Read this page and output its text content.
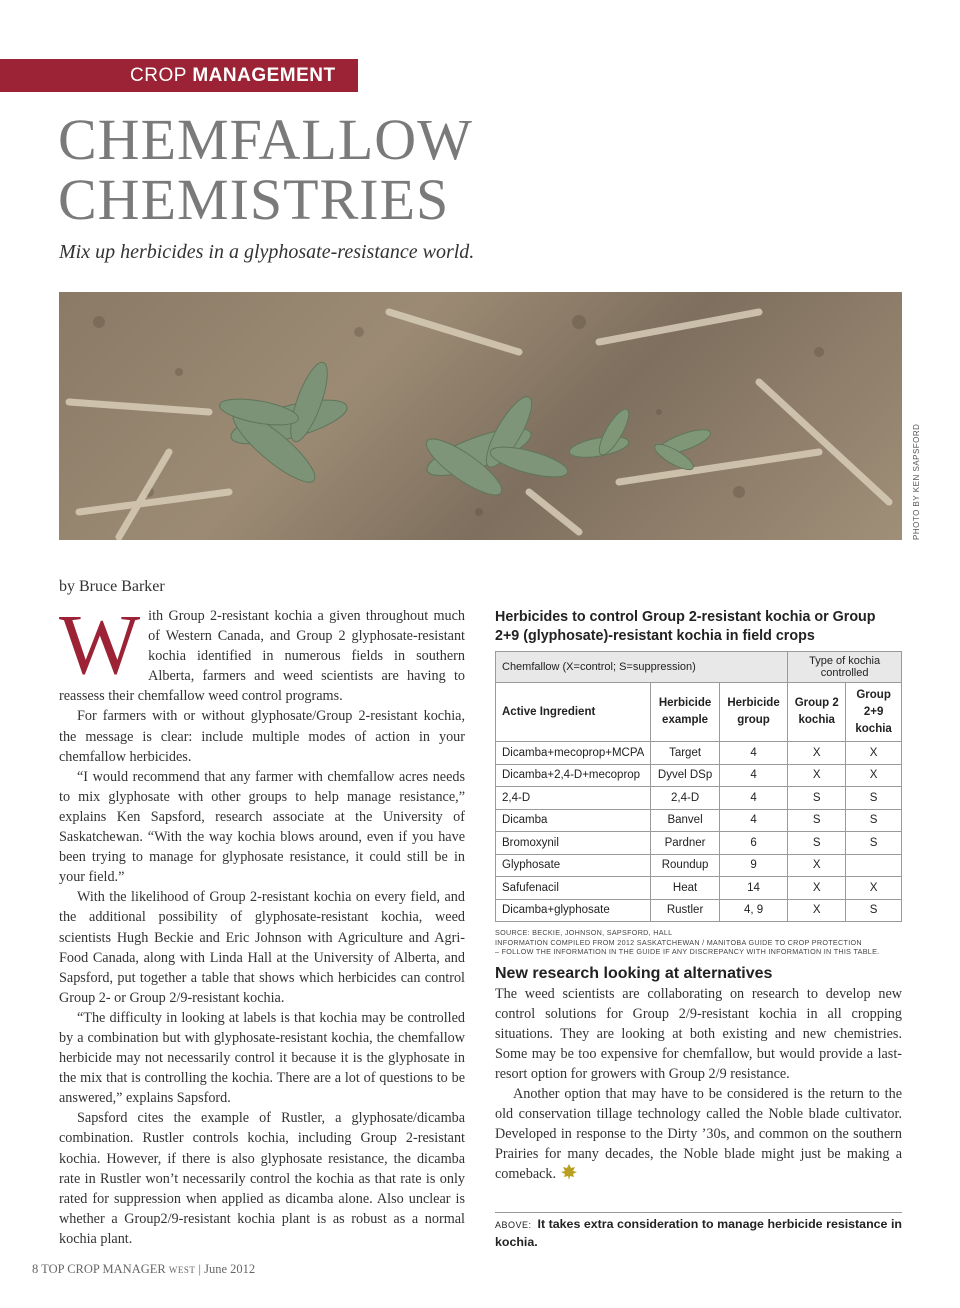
CROP MANAGEMENT
CHEMFALLOW
CHEMISTRIES

Mix up herbicides in a glyphosate-resistance world.

PHOTO BY KEN SAPSFORD
by Bruce Barker

With Group 2-resistant kochia a given throughout much of Western Canada, and Group 2 glyphosate-resistant kochia identified in numerous fields in southern Alberta, farmers and weed scientists are having to reassess their chemfallow weed control programs.

For farmers with or without glyphosate/Group 2-resistant kochia, the message is clear: include multiple modes of action in your chemfallow herbicides.

“I would recommend that any farmer with chemfallow acres needs to mix glyphosate with other groups to help manage resistance,” explains Ken Sapsford, research associate at the University of Saskatchewan. “With the way kochia blows around, even if you have been trying to manage for glyphosate resistance, it could still be in your field.”

With the likelihood of Group 2-resistant kochia on every field, and the additional possibility of glyphosate-resistant kochia, weed scientists Hugh Beckie and Eric Johnson with Agriculture and Agri-Food Canada, along with Linda Hall at the University of Alberta, and Sapsford, put together a table that shows which herbicides can control Group 2- or Group 2/9-resistant kochia.

“The difficulty in looking at labels is that kochia may be controlled by a combination but with glyphosate-resistant kochia, the chemfallow herbicide may not necessarily control it because it is the glyphosate in the mix that is controlling the kochia. There are a lot of questions to be answered,” explains Sapsford.

Sapsford cites the example of Rustler, a glyphosate/dicamba combination. Rustler controls kochia, including Group 2-resistant kochia. However, if there is also glyphosate resistance, the dicamba rate in Rustler won’t necessarily control the kochia as that rate is only rated for suppression when applied as dicamba alone. Also unclear is whether a Group2/9-resistant kochia plant is as robust as a normal kochia plant.

Herbicides to control Group 2-resistant kochia or Group 2+9 (glyphosate)-resistant kochia in field crops
Chemfallow (X=control; S=suppression)			Type of kochia controlled	
Active Ingredient	Herbicide example	Herbicide group	Group 2 kochia	Group 2+9 kochia
Dicamba+mecoprop+MCPA	Target	4	X	X
Dicamba+2,4-D+mecoprop	Dyvel DSp	4	X	X
2,4-D	2,4-D	4	S	S
Dicamba	Banvel	4	S	S
Bromoxynil	Pardner	6	S	S
Glyphosate	Roundup	9	X	
Safufenacil	Heat	14	X	X
Dicamba+glyphosate	Rustler	4, 9	X	S
SOURCE: BECKIE, JOHNSON, SAPSFORD, HALL
INFORMATION COMPILED FROM 2012 SASKATCHEWAN / MANITOBA GUIDE TO CROP PROTECTION
– FOLLOW THE INFORMATION IN THE GUIDE IF ANY DISCREPANCY WITH INFORMATION IN THIS TABLE.
New research looking at alternatives

The weed scientists are collaborating on research to develop new control solutions for Group 2/9-resistant kochia in all cropping situations. They are looking at both existing and new chemistries. Some may be too expensive for chemfallow, but would provide a last-resort option for growers with Group 2/9 resistance.

Another option that may have to be considered is the return to the old conservation tillage technology called the Noble blade cultivator. Developed in response to the Dirty ’30s, and common on the southern Prairies for many decades, the Noble blade might just be making a comeback.

ABOVE: It takes extra consideration to manage herbicide resistance in kochia.
8 TOP CROP MANAGER WEST | June 2012
